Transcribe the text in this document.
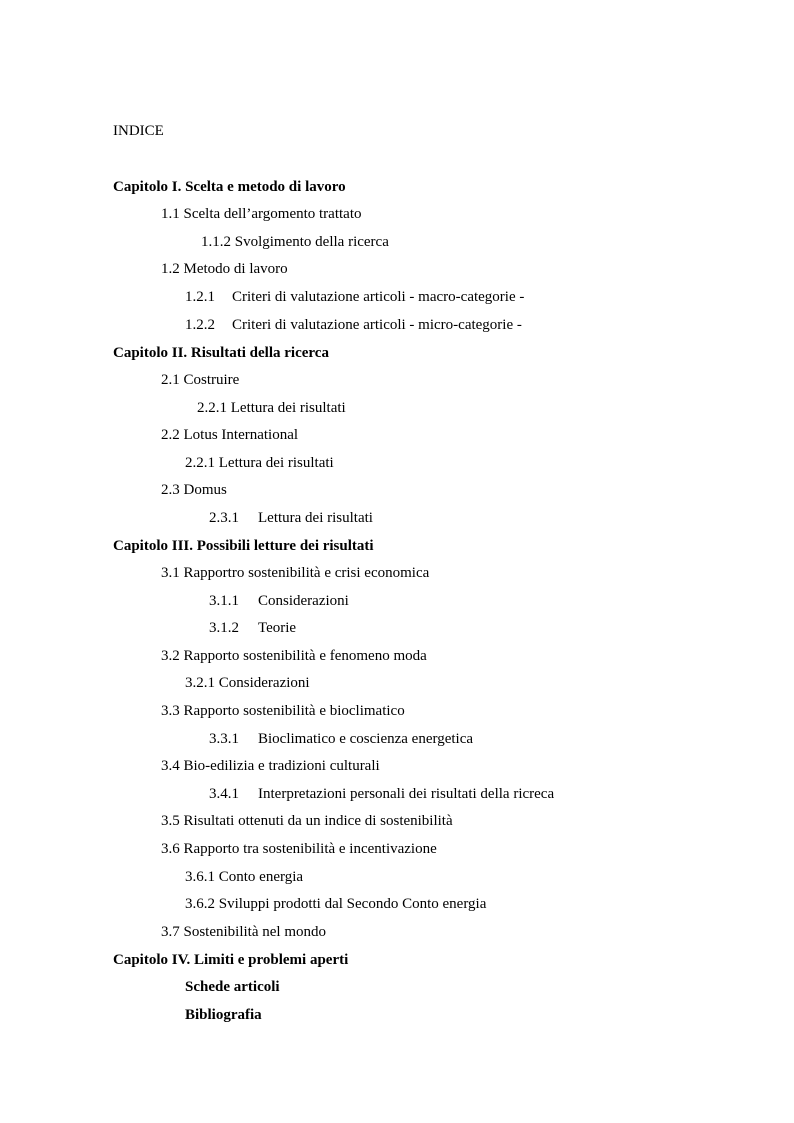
INDICE
Capitolo I. Scelta e metodo di lavoro
1.1 Scelta dell’argomento trattato
1.1.2 Svolgimento della ricerca
1.2 Metodo di lavoro
1.2.1 Criteri di valutazione articoli - macro-categorie -
1.2.2 Criteri di valutazione articoli - micro-categorie -
Capitolo II. Risultati della ricerca
2.1 Costruire
2.2.1 Lettura dei risultati
2.2 Lotus International
2.2.1 Lettura dei risultati
2.3 Domus
2.3.1 Lettura dei risultati
Capitolo III. Possibili letture dei risultati
3.1 Rapportro sostenibilità e crisi economica
3.1.1 Considerazioni
3.1.2 Teorie
3.2 Rapporto sostenibilità e fenomeno moda
3.2.1 Considerazioni
3.3 Rapporto sostenibilità e bioclimatico
3.3.1 Bioclimatico e coscienza energetica
3.4 Bio-edilizia e tradizioni culturali
3.4.1 Interpretazioni personali dei risultati della ricreca
3.5 Risultati ottenuti da un indice di sostenibilità
3.6 Rapporto tra sostenibilità e incentivazione
3.6.1 Conto energia
3.6.2 Sviluppi prodotti dal Secondo Conto energia
3.7 Sostenibilità nel mondo
Capitolo IV. Limiti e problemi aperti
Schede articoli
Bibliografia
